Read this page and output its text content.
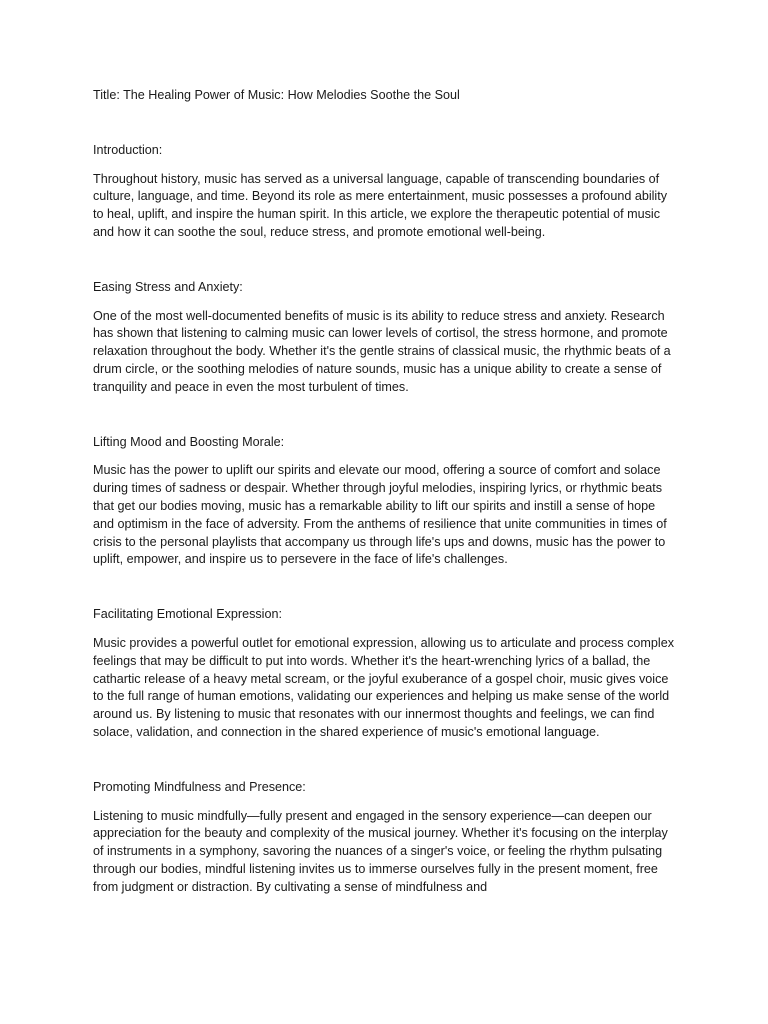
Title: The Healing Power of Music: How Melodies Soothe the Soul

Introduction:

Throughout history, music has served as a universal language, capable of transcending boundaries of culture, language, and time. Beyond its role as mere entertainment, music possesses a profound ability to heal, uplift, and inspire the human spirit. In this article, we explore the therapeutic potential of music and how it can soothe the soul, reduce stress, and promote emotional well-being.

Easing Stress and Anxiety:

One of the most well-documented benefits of music is its ability to reduce stress and anxiety. Research has shown that listening to calming music can lower levels of cortisol, the stress hormone, and promote relaxation throughout the body. Whether it's the gentle strains of classical music, the rhythmic beats of a drum circle, or the soothing melodies of nature sounds, music has a unique ability to create a sense of tranquility and peace in even the most turbulent of times.

Lifting Mood and Boosting Morale:

Music has the power to uplift our spirits and elevate our mood, offering a source of comfort and solace during times of sadness or despair. Whether through joyful melodies, inspiring lyrics, or rhythmic beats that get our bodies moving, music has a remarkable ability to lift our spirits and instill a sense of hope and optimism in the face of adversity. From the anthems of resilience that unite communities in times of crisis to the personal playlists that accompany us through life's ups and downs, music has the power to uplift, empower, and inspire us to persevere in the face of life's challenges.

Facilitating Emotional Expression:

Music provides a powerful outlet for emotional expression, allowing us to articulate and process complex feelings that may be difficult to put into words. Whether it's the heart-wrenching lyrics of a ballad, the cathartic release of a heavy metal scream, or the joyful exuberance of a gospel choir, music gives voice to the full range of human emotions, validating our experiences and helping us make sense of the world around us. By listening to music that resonates with our innermost thoughts and feelings, we can find solace, validation, and connection in the shared experience of music's emotional language.

Promoting Mindfulness and Presence:

Listening to music mindfully—fully present and engaged in the sensory experience—can deepen our appreciation for the beauty and complexity of the musical journey. Whether it's focusing on the interplay of instruments in a symphony, savoring the nuances of a singer's voice, or feeling the rhythm pulsating through our bodies, mindful listening invites us to immerse ourselves fully in the present moment, free from judgment or distraction. By cultivating a sense of mindfulness and
